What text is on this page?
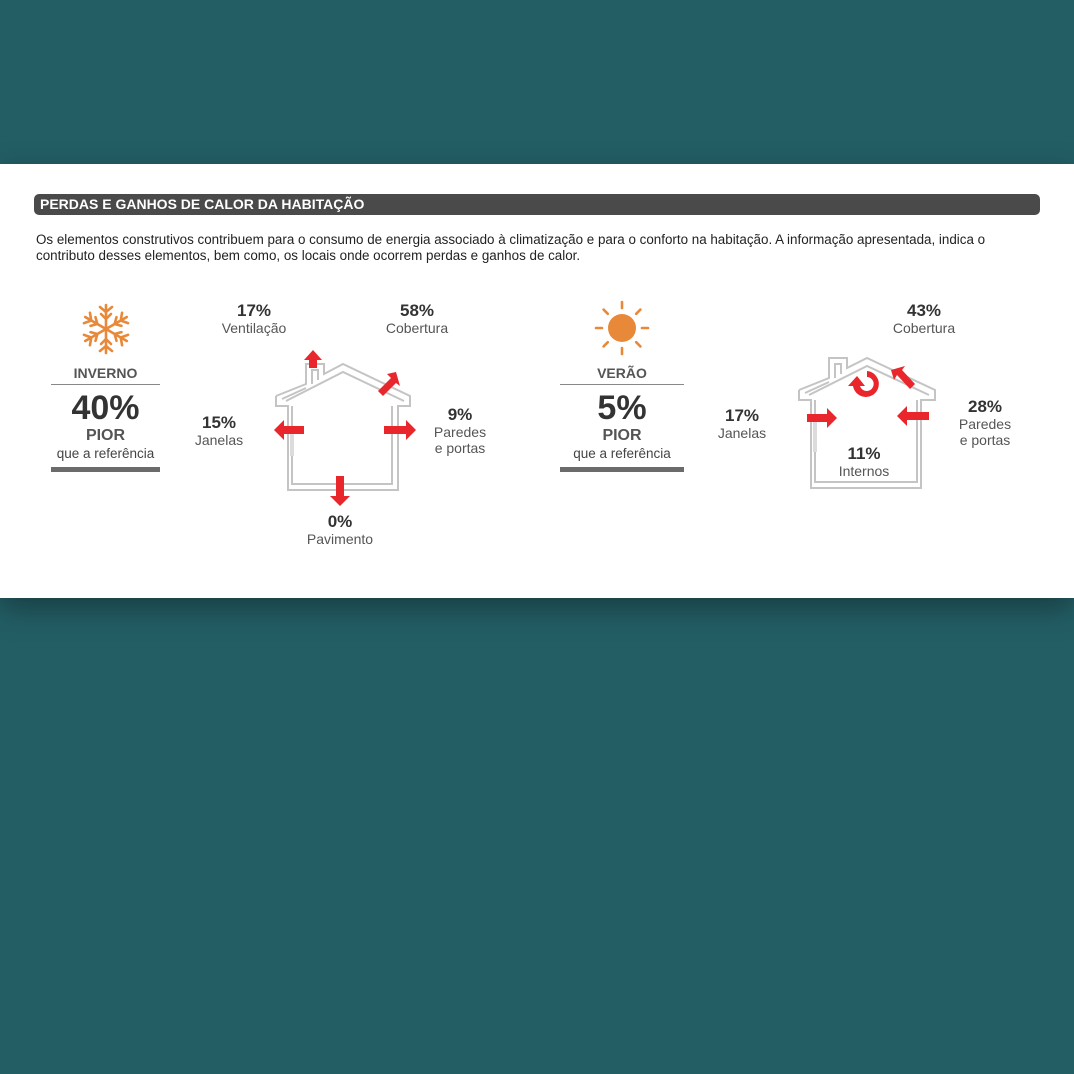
PERDAS E GANHOS DE CALOR DA HABITAÇÃO
Os elementos construtivos contribuem para o consumo de energia associado à climatização e para o conforto na habitação. A informação apresentada, indica o contributo desses elementos, bem como, os locais onde ocorrem perdas e ganhos de calor.
INVERNO
40%
PIOR
que a referência
17%
Ventilação
58%
Cobertura
15%
Janelas
9%
Paredes
e portas
0%
Pavimento
VERÃO
5%
PIOR
que a referência
43%
Cobertura
17%
Janelas
28%
Paredes
e portas
11%
Internos
